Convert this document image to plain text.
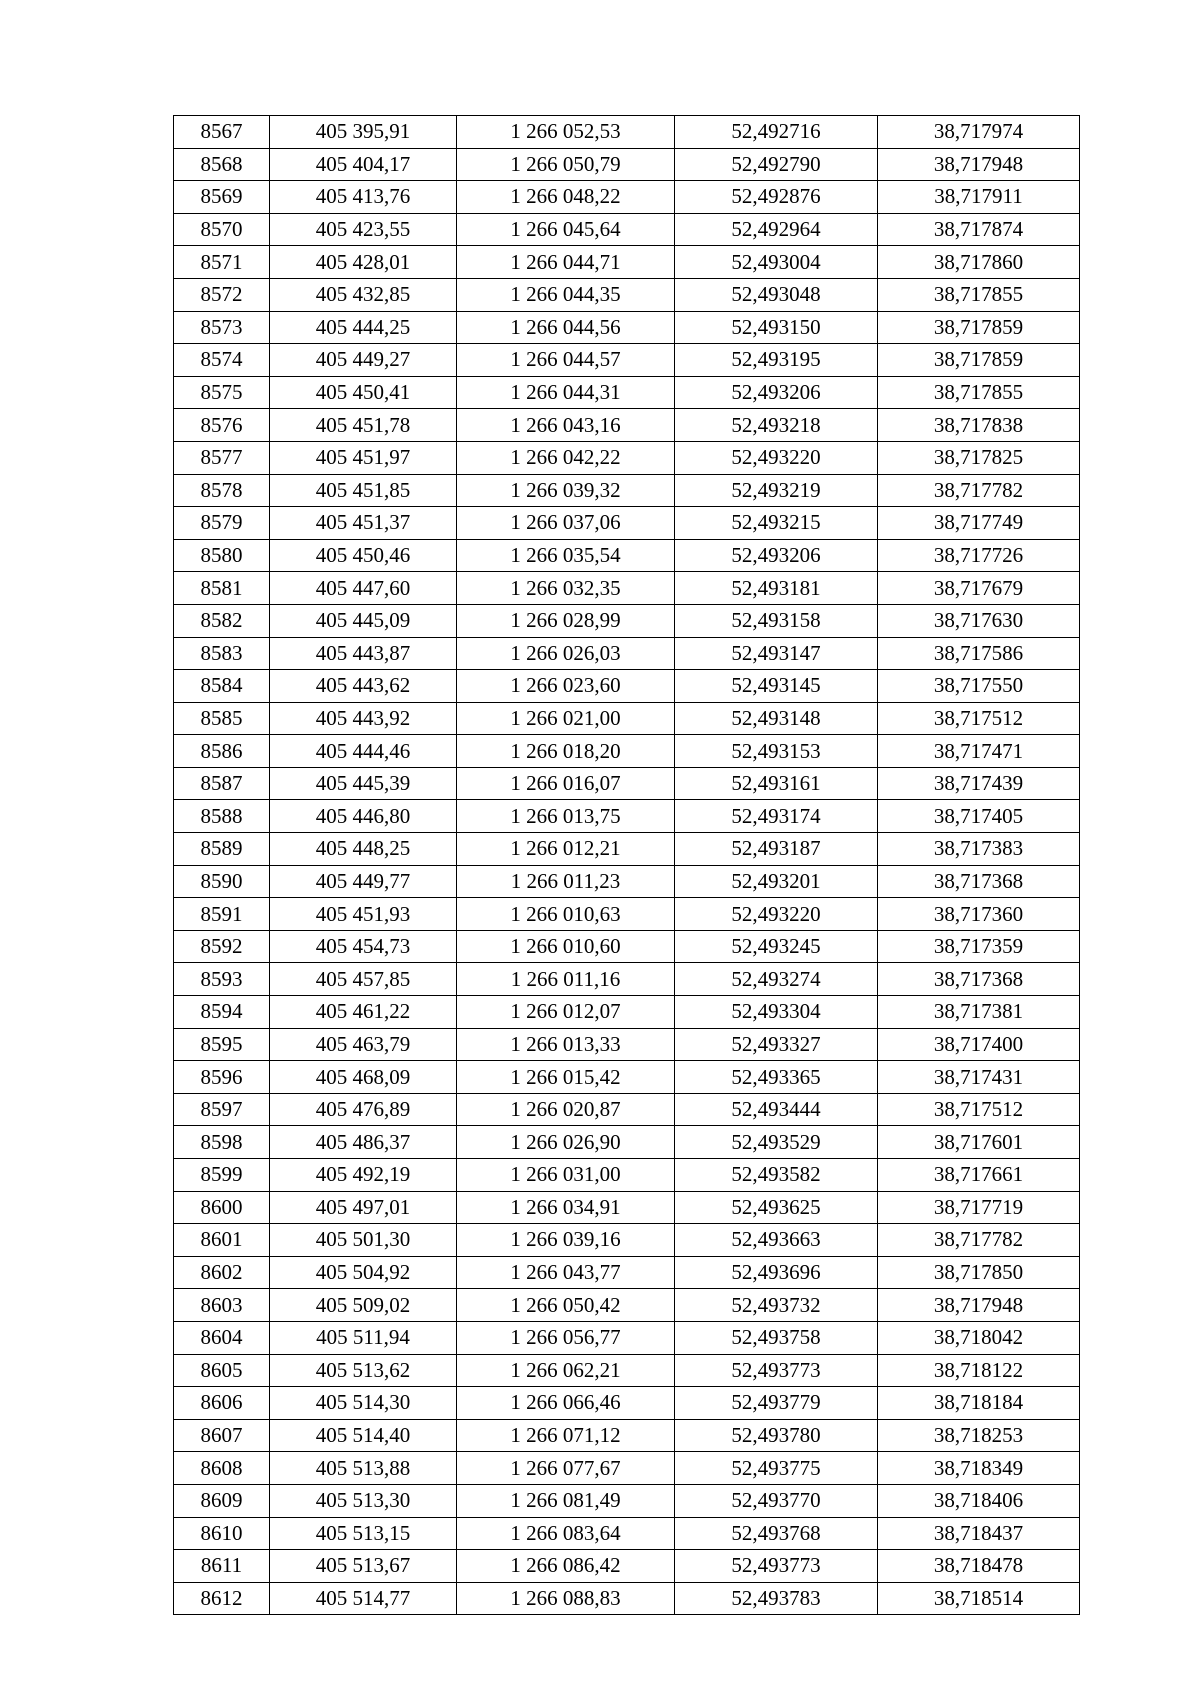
8567	405 395,91	1 266 052,53	52,492716	38,717974
8568	405 404,17	1 266 050,79	52,492790	38,717948
8569	405 413,76	1 266 048,22	52,492876	38,717911
8570	405 423,55	1 266 045,64	52,492964	38,717874
8571	405 428,01	1 266 044,71	52,493004	38,717860
8572	405 432,85	1 266 044,35	52,493048	38,717855
8573	405 444,25	1 266 044,56	52,493150	38,717859
8574	405 449,27	1 266 044,57	52,493195	38,717859
8575	405 450,41	1 266 044,31	52,493206	38,717855
8576	405 451,78	1 266 043,16	52,493218	38,717838
8577	405 451,97	1 266 042,22	52,493220	38,717825
8578	405 451,85	1 266 039,32	52,493219	38,717782
8579	405 451,37	1 266 037,06	52,493215	38,717749
8580	405 450,46	1 266 035,54	52,493206	38,717726
8581	405 447,60	1 266 032,35	52,493181	38,717679
8582	405 445,09	1 266 028,99	52,493158	38,717630
8583	405 443,87	1 266 026,03	52,493147	38,717586
8584	405 443,62	1 266 023,60	52,493145	38,717550
8585	405 443,92	1 266 021,00	52,493148	38,717512
8586	405 444,46	1 266 018,20	52,493153	38,717471
8587	405 445,39	1 266 016,07	52,493161	38,717439
8588	405 446,80	1 266 013,75	52,493174	38,717405
8589	405 448,25	1 266 012,21	52,493187	38,717383
8590	405 449,77	1 266 011,23	52,493201	38,717368
8591	405 451,93	1 266 010,63	52,493220	38,717360
8592	405 454,73	1 266 010,60	52,493245	38,717359
8593	405 457,85	1 266 011,16	52,493274	38,717368
8594	405 461,22	1 266 012,07	52,493304	38,717381
8595	405 463,79	1 266 013,33	52,493327	38,717400
8596	405 468,09	1 266 015,42	52,493365	38,717431
8597	405 476,89	1 266 020,87	52,493444	38,717512
8598	405 486,37	1 266 026,90	52,493529	38,717601
8599	405 492,19	1 266 031,00	52,493582	38,717661
8600	405 497,01	1 266 034,91	52,493625	38,717719
8601	405 501,30	1 266 039,16	52,493663	38,717782
8602	405 504,92	1 266 043,77	52,493696	38,717850
8603	405 509,02	1 266 050,42	52,493732	38,717948
8604	405 511,94	1 266 056,77	52,493758	38,718042
8605	405 513,62	1 266 062,21	52,493773	38,718122
8606	405 514,30	1 266 066,46	52,493779	38,718184
8607	405 514,40	1 266 071,12	52,493780	38,718253
8608	405 513,88	1 266 077,67	52,493775	38,718349
8609	405 513,30	1 266 081,49	52,493770	38,718406
8610	405 513,15	1 266 083,64	52,493768	38,718437
8611	405 513,67	1 266 086,42	52,493773	38,718478
8612	405 514,77	1 266 088,83	52,493783	38,718514
